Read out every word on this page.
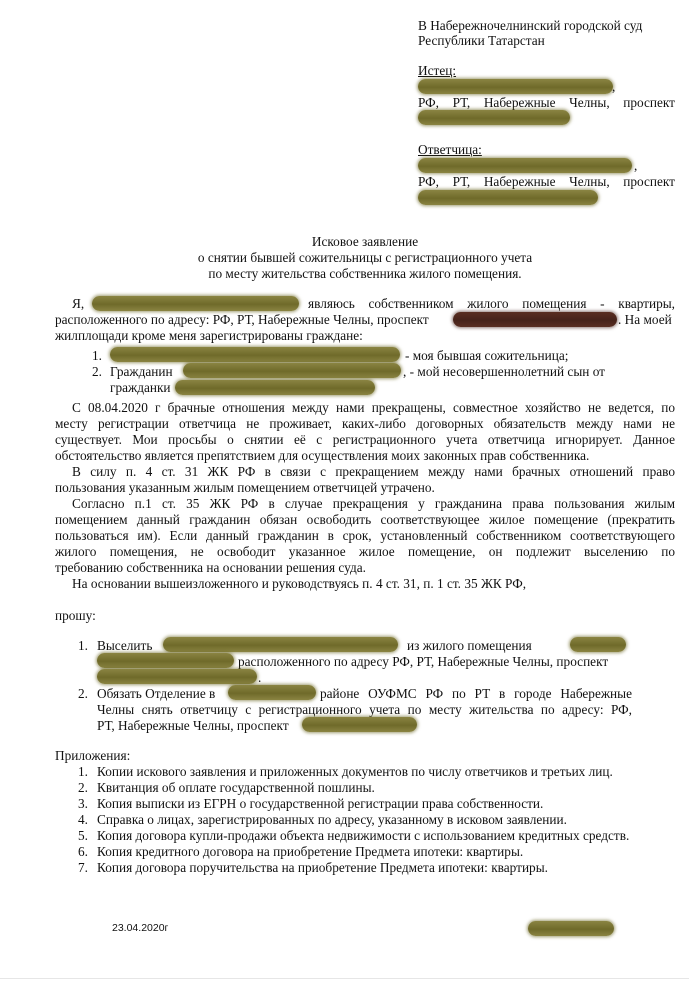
В Набережночелнинский городской суд
Республики Татарстан
Истец:
,
РФ, РТ, Набережные Челны, проспект
Ответчица:
,
РФ, РТ, Набережные Челны, проспект
Исковое заявление
о снятии бывшей сожительницы с регистрационного учета
по месту жительства собственника жилого помещения.
Я,	являюсь собственником жилого помещения - квартиры,
расположенного по адресу: РФ, РТ, Набережные Челны, проспект	. На моей
жилплощади кроме меня зарегистрированы граждане:
1.	- моя бывшая сожительница;
2. Гражданин	, - мой несовершеннолетний сын от
гражданки
С 08.04.2020 г брачные отношения между нами прекращены, совместное хозяйство не ведется, по
месту регистрации ответчица не проживает, каких-либо договорных обязательств между нами не
существует. Мои просьбы о снятии её с регистрационного учета ответчица игнорирует. Данное
обстоятельство является препятствием для осуществления моих законных прав собственника.
В силу п. 4 ст. 31 ЖК РФ в связи с прекращением между нами брачных отношений право
пользования указанным жилым помещением ответчицей утрачено.
Согласно п.1 ст. 35 ЖК РФ в случае прекращения у гражданина права пользования жилым
помещением данный гражданин обязан освободить соответствующее жилое помещение (прекратить
пользоваться им). Если данный гражданин в срок, установленный собственником соответствующего
жилого помещения, не освободит указанное жилое помещение, он подлежит выселению по
требованию собственника на основании решения суда.
На основании вышеизложенного и руководствуясь п. 4 ст. 31, п. 1 ст. 35 ЖК РФ,
прошу:
1. Выселить	из жилого помещения
расположенного по адресу РФ, РТ, Набережные Челны, проспект
.
2. Обязать Отделение в	районе ОУФМС РФ по РТ в городе Набережные
Челны снять ответчицу с регистрационного учета по месту жительства по адресу: РФ,
РТ, Набережные Челны, проспект
Приложения:
1. Копии искового заявления и приложенных документов по числу ответчиков и третьих лиц.
2. Квитанция об оплате государственной пошлины.
3. Копия выписки из ЕГРН о государственной регистрации права собственности.
4. Справка о лицах, зарегистрированных по адресу, указанному в исковом заявлении.
5. Копия договора купли-продажи объекта недвижимости с использованием кредитных средств.
6. Копия кредитного договора на приобретение Предмета ипотеки: квартиры.
7. Копия договора поручительства на приобретение Предмета ипотеки: квартиры.
23.04.2020г
